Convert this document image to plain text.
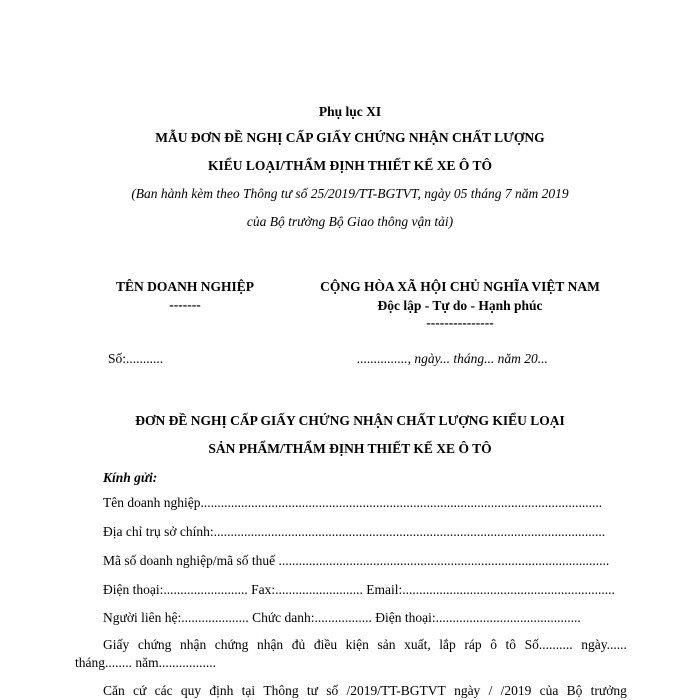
Phụ lục XI
MẪU ĐƠN ĐỀ NGHỊ CẤP GIẤY CHỨNG NHẬN CHẤT LƯỢNG
KIỂU LOẠI/THẨM ĐỊNH THIẾT KẾ XE Ô TÔ
(Ban hành kèm theo Thông tư số 25/2019/TT-BGTVT, ngày 05 tháng 7 năm 2019
của Bộ trưởng Bộ Giao thông vận tải)
TÊN DOANH NGHIỆP
-------
CỘNG HÒA XÃ HỘI CHỦ NGHĨA VIỆT NAM
Độc lập - Tự do - Hạnh phúc
---------------
Số:...........	..............., ngày... tháng... năm 20...
ĐƠN ĐỀ NGHỊ CẤP GIẤY CHỨNG NHẬN CHẤT LƯỢNG KIỂU LOẠI
SẢN PHẨM/THẨM ĐỊNH THIẾT KẾ XE Ô TÔ
Kính gửi:
Tên doanh nghiệp.......................................................................................................................
Địa chỉ trụ sở chính:....................................................................................................................
Mã số doanh nghiệp/mã số thuế ..................................................................................................
Điện thoại:......................... Fax:.......................... Email:...............................................................
Người liên hệ:.................... Chức danh:................. Điện thoại:...........................................
Giấy chứng nhận chứng nhận đủ điều kiện sản xuất, lắp ráp ô tô Số.......... ngày......
tháng........ năm.................
Căn cứ các quy định tại Thông tư số /2019/TT-BGTVT ngày / /2019 của Bộ trưởng
